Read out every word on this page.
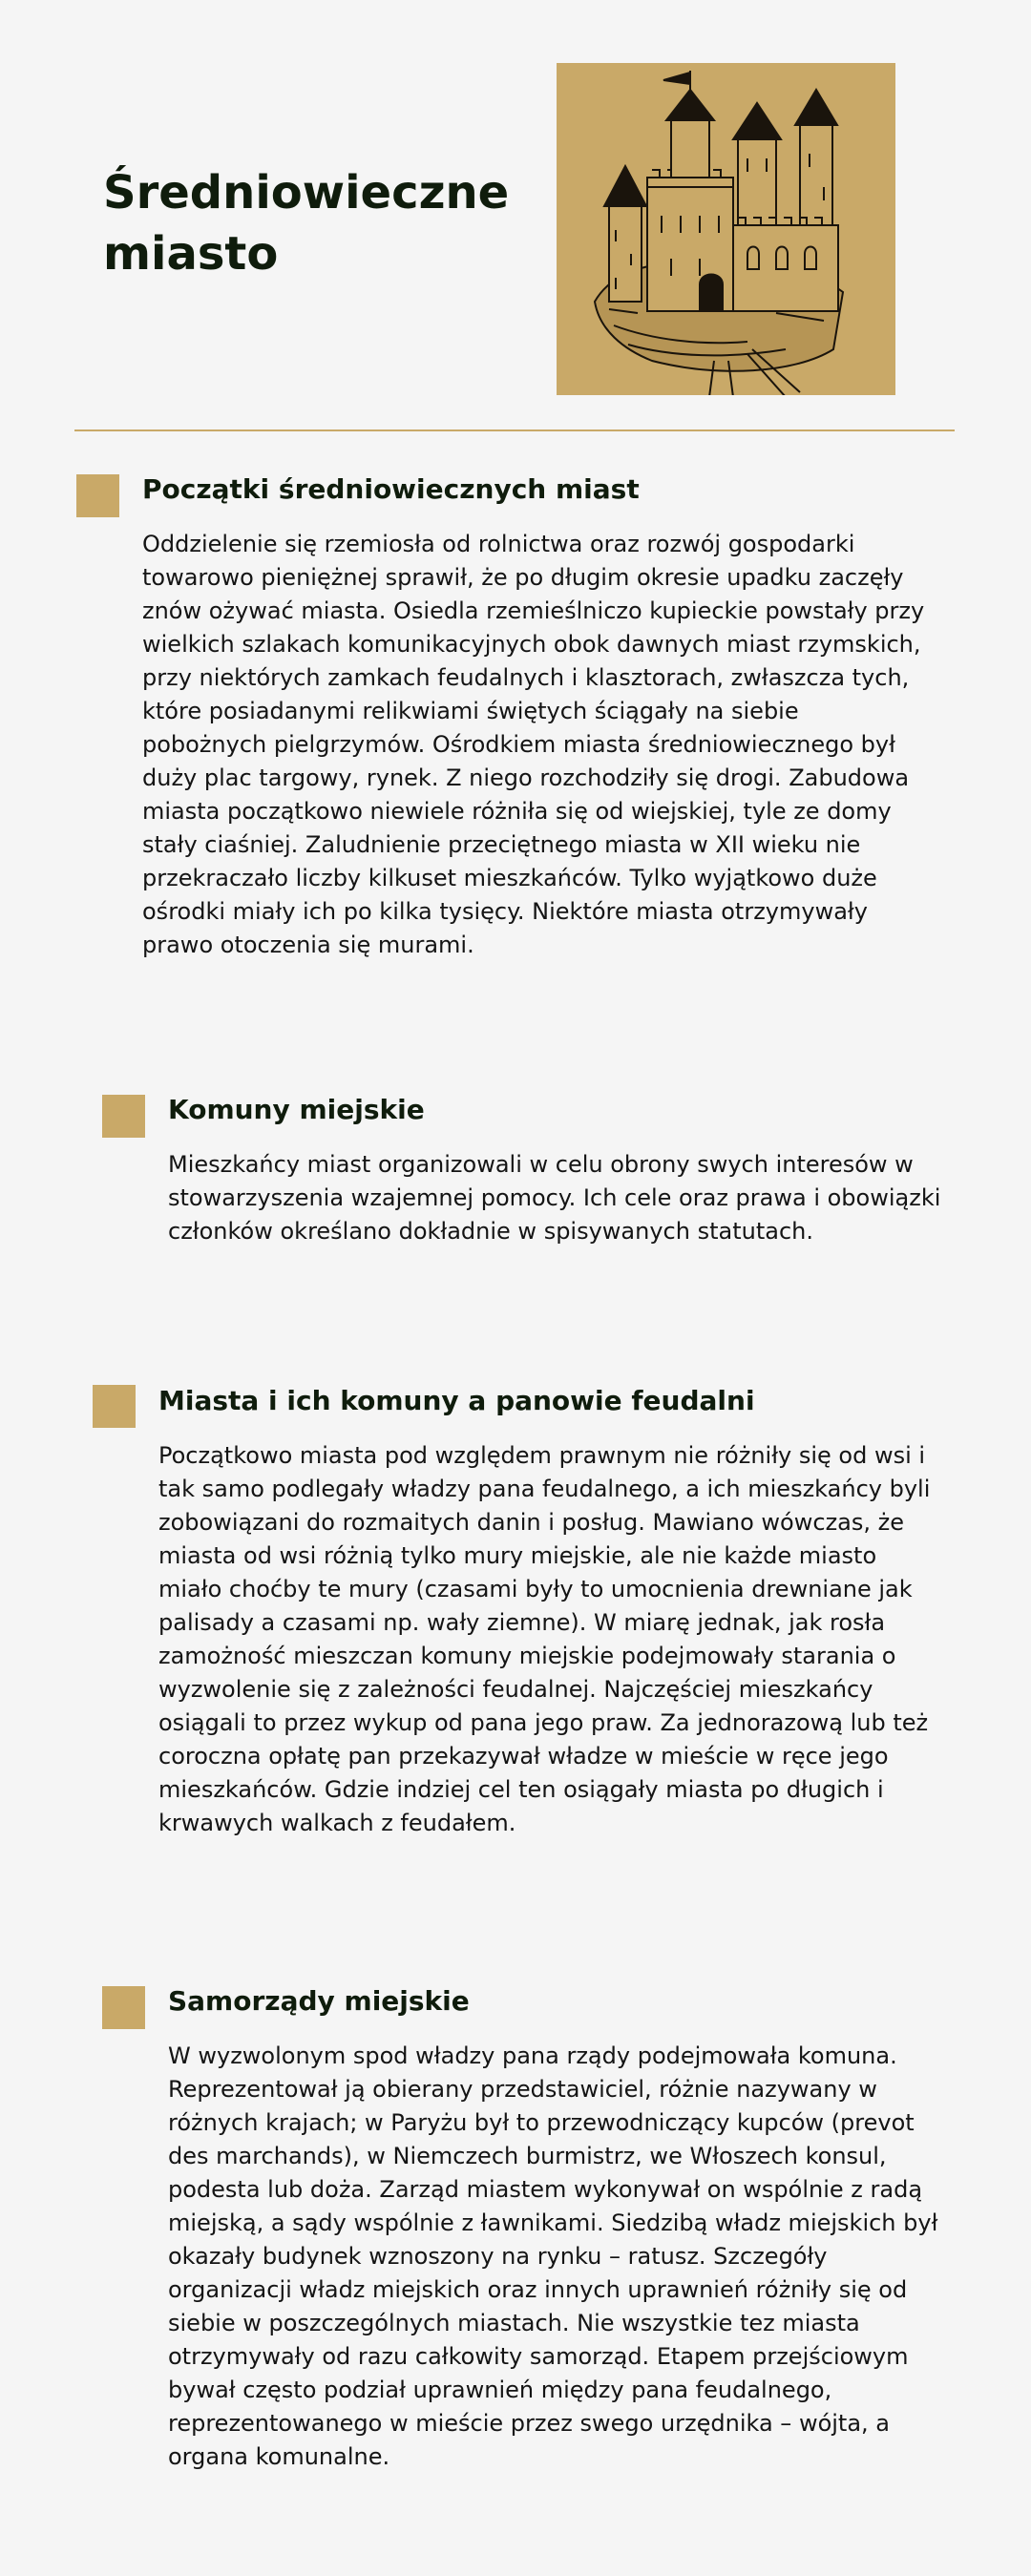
Średniowieczne miasto
Początki średniowiecznych miast

Oddzielenie się rzemiosła od rolnictwa oraz rozwój gospodarki towarowo pieniężnej sprawił, że po długim okresie upadku zaczęły znów ożywać miasta. Osiedla rzemieślniczo kupieckie powstały przy wielkich szlakach komunikacyjnych obok dawnych miast rzymskich, przy niektórych zamkach feudalnych i klasztorach, zwłaszcza tych, które posiadanymi relikwiami świętych ściągały na siebie pobożnych pielgrzymów. Ośrodkiem miasta średniowiecznego był duży plac targowy, rynek. Z niego rozchodziły się drogi. Zabudowa miasta początkowo niewiele różniła się od wiejskiej, tyle ze domy stały ciaśniej. Zaludnienie przeciętnego miasta w XII wieku nie przekraczało liczby kilkuset mieszkańców. Tylko wyjątkowo duże ośrodki miały ich po kilka tysięcy. Niektóre miasta otrzymywały prawo otoczenia się murami.

Komuny miejskie

Mieszkańcy miast organizowali w celu obrony swych interesów w stowarzyszenia wzajemnej pomocy. Ich cele oraz prawa i obowiązki członków określano dokładnie w spisywanych statutach.

Miasta i ich komuny a panowie feudalni

Początkowo miasta pod względem prawnym nie różniły się od wsi i tak samo podlegały władzy pana feudalnego, a ich mieszkańcy byli zobowiązani do rozmaitych danin i posług. Mawiano wówczas, że miasta od wsi różnią tylko mury miejskie, ale nie każde miasto miało choćby te mury (czasami były to umocnienia drewniane jak palisady a czasami np. wały ziemne). W miarę jednak, jak rosła zamożność mieszczan komuny miejskie podejmowały starania o wyzwolenie się z zależności feudalnej. Najczęściej mieszkańcy osiągali to przez wykup od pana jego praw. Za jednorazową lub też coroczna opłatę pan przekazywał władze w mieście w ręce jego mieszkańców. Gdzie indziej cel ten osiągały miasta po długich i krwawych walkach z feudałem.

Samorządy miejskie

W wyzwolonym spod władzy pana rządy podejmowała komuna. Reprezentował ją obierany przedstawiciel, różnie nazywany w różnych krajach; w Paryżu był to przewodniczący kupców (prevot des marchands), w Niemczech burmistrz, we Włoszech konsul, podesta lub doża. Zarząd miastem wykonywał on wspólnie z radą miejską, a sądy wspólnie z ławnikami. Siedzibą władz miejskich był okazały budynek wznoszony na rynku – ratusz. Szczegóły organizacji władz miejskich oraz innych uprawnień różniły się od siebie w poszczególnych miastach. Nie wszystkie tez miasta otrzymywały od razu całkowity samorząd. Etapem przejściowym bywał często podział uprawnień między pana feudalnego, reprezentowanego w mieście przez swego urzędnika – wójta, a organa komunalne.
